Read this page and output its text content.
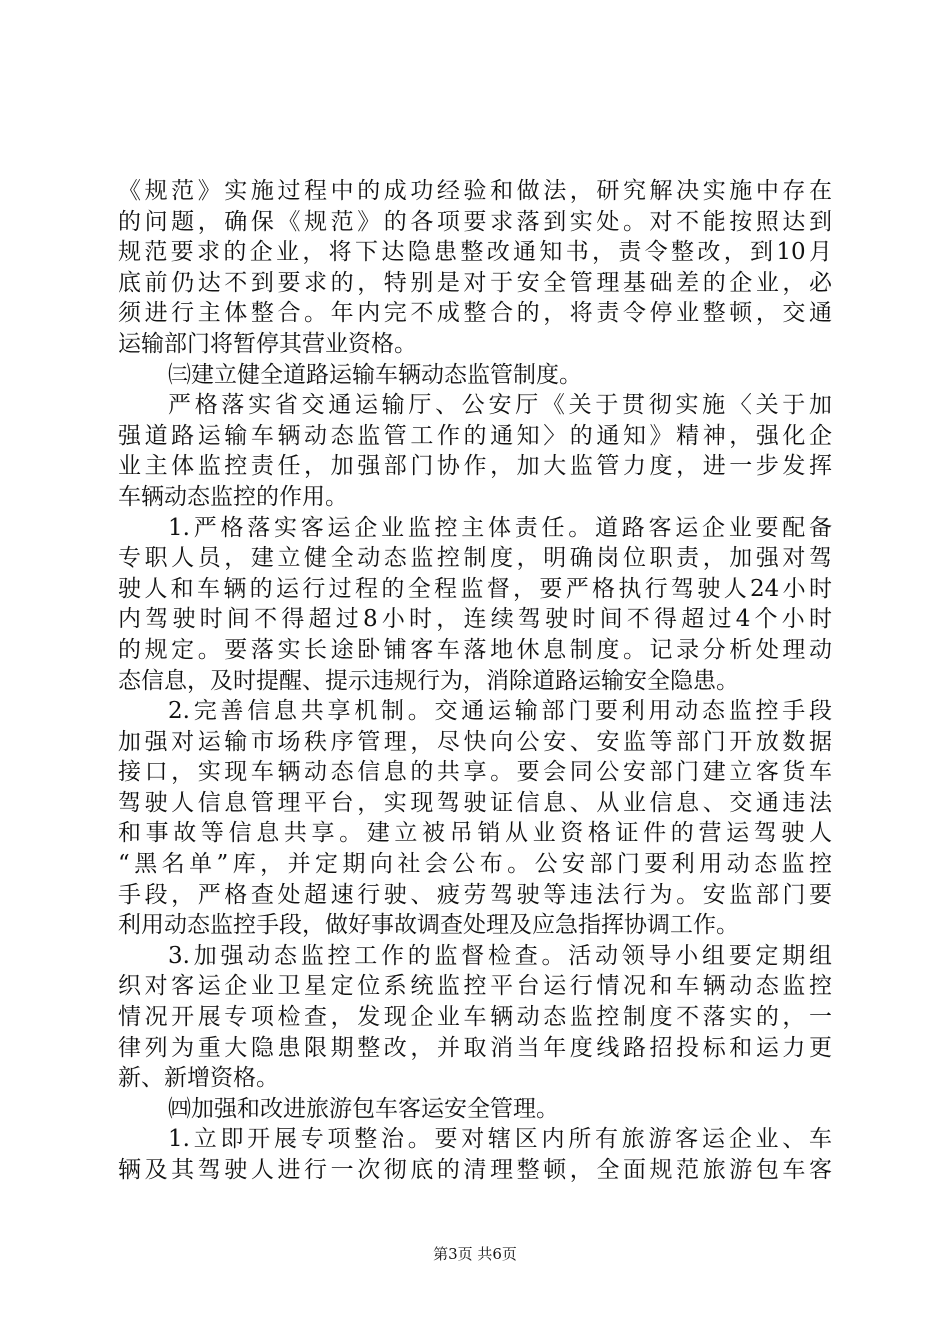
《规范》实施过程中的成功经验和做法，研究解决实施中存在
的问题，确保《规范》的各项要求落到实处。对不能按照达到
规范要求的企业，将下达隐患整改通知书，责令整改，到10月
底前仍达不到要求的，特别是对于安全管理基础差的企业，必
须进行主体整合。年内完不成整合的，将责令停业整顿，交通
运输部门将暂停其营业资格。
㈢建立健全道路运输车辆动态监管制度。
严格落实省交通运输厅、公安厅《关于贯彻实施〈关于加
强道路运输车辆动态监管工作的通知〉的通知》精神，强化企
业主体监控责任，加强部门协作，加大监管力度，进一步发挥
车辆动态监控的作用。
1.严格落实客运企业监控主体责任。道路客运企业要配备
专职人员，建立健全动态监控制度，明确岗位职责，加强对驾
驶人和车辆的运行过程的全程监督，要严格执行驾驶人24小时
内驾驶时间不得超过8小时，连续驾驶时间不得超过4个小时
的规定。要落实长途卧铺客车落地休息制度。记录分析处理动
态信息，及时提醒、提示违规行为，消除道路运输安全隐患。
2.完善信息共享机制。交通运输部门要利用动态监控手段
加强对运输市场秩序管理，尽快向公安、安监等部门开放数据
接口，实现车辆动态信息的共享。要会同公安部门建立客货车
驾驶人信息管理平台，实现驾驶证信息、从业信息、交通违法
和事故等信息共享。建立被吊销从业资格证件的营运驾驶人
“黑名单”库，并定期向社会公布。公安部门要利用动态监控
手段，严格查处超速行驶、疲劳驾驶等违法行为。安监部门要
利用动态监控手段，做好事故调查处理及应急指挥协调工作。
3.加强动态监控工作的监督检查。活动领导小组要定期组
织对客运企业卫星定位系统监控平台运行情况和车辆动态监控
情况开展专项检查，发现企业车辆动态监控制度不落实的，一
律列为重大隐患限期整改，并取消当年度线路招投标和运力更
新、新增资格。
㈣加强和改进旅游包车客运安全管理。
1.立即开展专项整治。要对辖区内所有旅游客运企业、车
辆及其驾驶人进行一次彻底的清理整顿，全面规范旅游包车客
第3页 共6页
